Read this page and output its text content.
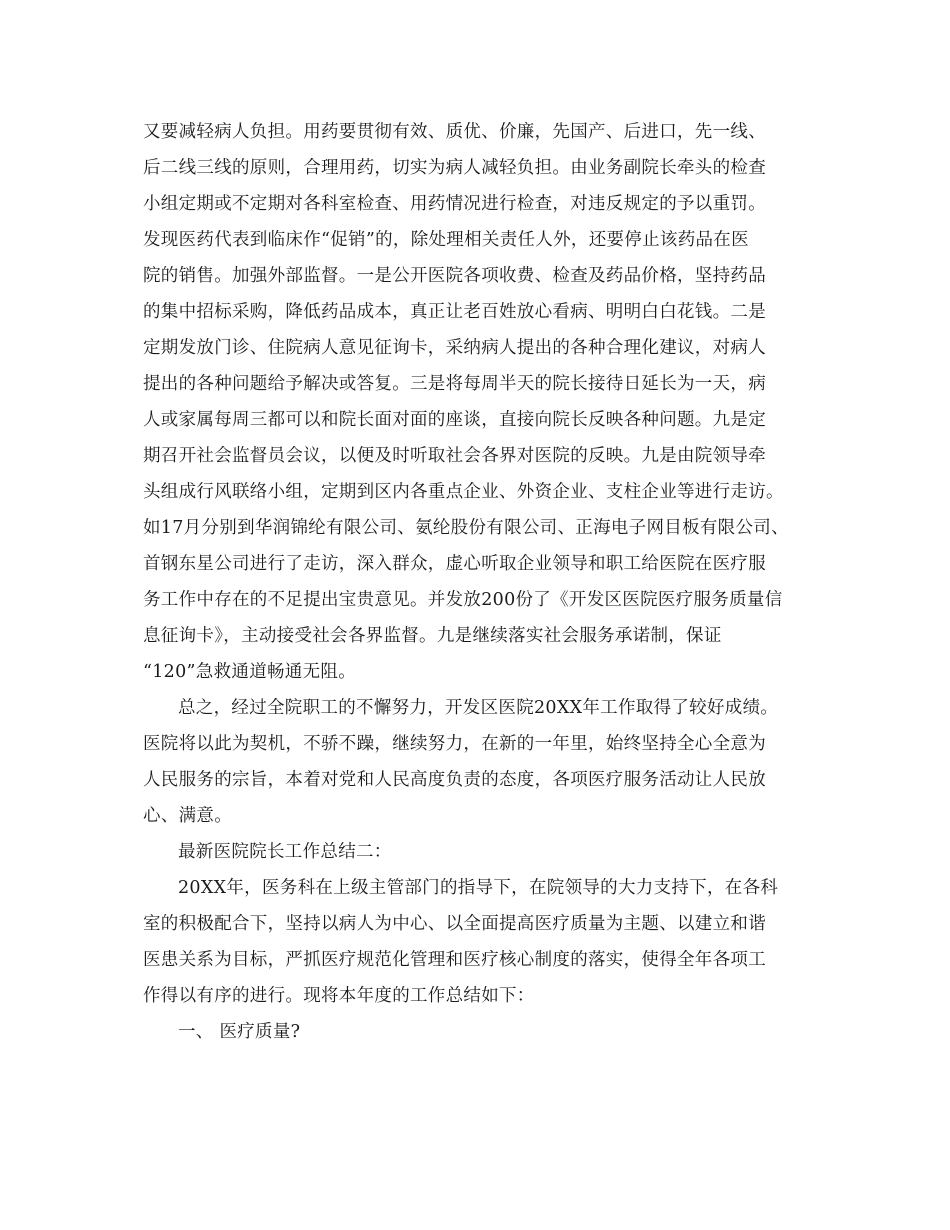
又要减轻病人负担。用药要贯彻有效、质优、价廉，先国产、后进口，先一线、
后二线三线的原则，合理用药，切实为病人减轻负担。由业务副院长牵头的检查
小组定期或不定期对各科室检查、用药情况进行检查，对违反规定的予以重罚。
发现医药代表到临床作“促销”的，除处理相关责任人外，还要停止该药品在医
院的销售。加强外部监督。一是公开医院各项收费、检查及药品价格，坚持药品
的集中招标采购，降低药品成本，真正让老百姓放心看病、明明白白花钱。二是
定期发放门诊、住院病人意见征询卡，采纳病人提出的各种合理化建议，对病人
提出的各种问题给予解决或答复。三是将每周半天的院长接待日延长为一天，病
人或家属每周三都可以和院长面对面的座谈，直接向院长反映各种问题。九是定
期召开社会监督员会议，以便及时听取社会各界对医院的反映。九是由院领导牵
头组成行风联络小组，定期到区内各重点企业、外资企业、支柱企业等进行走访。
如17月分别到华润锦纶有限公司、氨纶股份有限公司、正海电子网目板有限公司、
首钢东星公司进行了走访，深入群众，虚心听取企业领导和职工给医院在医疗服
务工作中存在的不足提出宝贵意见。并发放200份了《开发区医院医疗服务质量信
息征询卡》，主动接受社会各界监督。九是继续落实社会服务承诺制，保证
“120”急救通道畅通无阻。
总之，经过全院职工的不懈努力，开发区医院20XX年工作取得了较好成绩。
医院将以此为契机，不骄不躁，继续努力，在新的一年里，始终坚持全心全意为
人民服务的宗旨，本着对党和人民高度负责的态度，各项医疗服务活动让人民放
心、满意。
最新医院院长工作总结二：
20XX年，医务科在上级主管部门的指导下，在院领导的大力支持下，在各科
室的积极配合下，坚持以病人为中心、以全面提高医疗质量为主题、以建立和谐
医患关系为目标，严抓医疗规范化管理和医疗核心制度的落实，使得全年各项工
作得以有序的进行。现将本年度的工作总结如下：
一、 医疗质量?
